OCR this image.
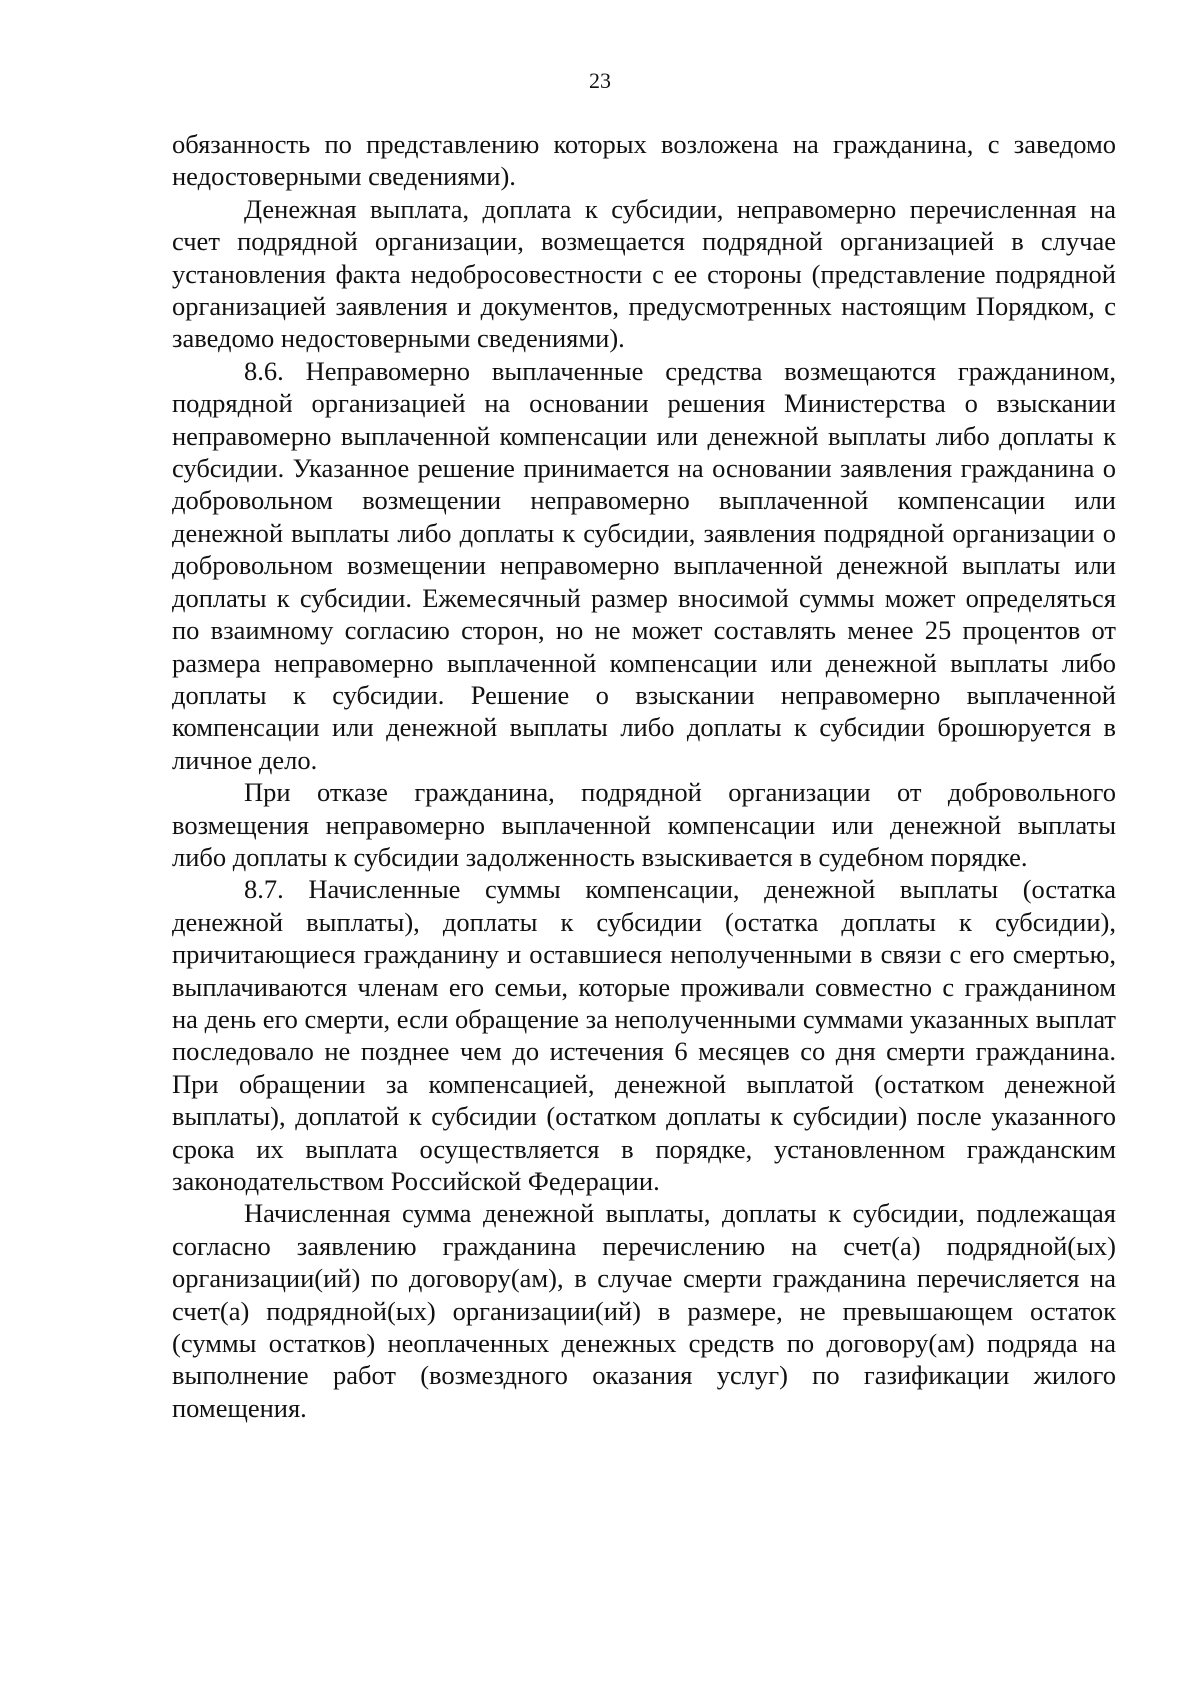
23

обязанность по представлению которых возложена на гражданина, с заведомо недостоверными сведениями).

Денежная выплата, доплата к субсидии, неправомерно перечисленная на счет подрядной организации, возмещается подрядной организацией в случае установления факта недобросовестности с ее стороны (представление подрядной организацией заявления и документов, предусмотренных настоящим Порядком, с заведомо недостоверными сведениями).

8.6. Неправомерно выплаченные средства возмещаются гражданином, подрядной организацией на основании решения Министерства о взыскании неправомерно выплаченной компенсации или денежной выплаты либо доплаты к субсидии. Указанное решение принимается на основании заявления гражданина о добровольном возмещении неправомерно выплаченной компенсации или денежной выплаты либо доплаты к субсидии, заявления подрядной организации о добровольном возмещении неправомерно выплаченной денежной выплаты или доплаты к субсидии. Ежемесячный размер вносимой суммы может определяться по взаимному согласию сторон, но не может составлять менее 25 процентов от размера неправомерно выплаченной компенсации или денежной выплаты либо доплаты к субсидии. Решение о взыскании неправомерно выплаченной компенсации или денежной выплаты либо доплаты к субсидии брошюруется в личное дело.

При отказе гражданина, подрядной организации от добровольного возмещения неправомерно выплаченной компенсации или денежной выплаты либо доплаты к субсидии задолженность взыскивается в судебном порядке.

8.7. Начисленные суммы компенсации, денежной выплаты (остатка денежной выплаты), доплаты к субсидии (остатка доплаты к субсидии), причитающиеся гражданину и оставшиеся неполученными в связи с его смертью, выплачиваются членам его семьи, которые проживали совместно с гражданином на день его смерти, если обращение за неполученными суммами указанных выплат последовало не позднее чем до истечения 6 месяцев со дня смерти гражданина. При обращении за компенсацией, денежной выплатой (остатком денежной выплаты), доплатой к субсидии (остатком доплаты к субсидии) после указанного срока их выплата осуществляется в порядке, установленном гражданским законодательством Российской Федерации.

Начисленная сумма денежной выплаты, доплаты к субсидии, подлежащая согласно заявлению гражданина перечислению на счет(а) подрядной(ых) организации(ий) по договору(ам), в случае смерти гражданина перечисляется на счет(а) подрядной(ых) организации(ий) в размере, не превышающем остаток (суммы остатков) неоплаченных денежных средств по договору(ам) подряда на выполнение работ (возмездного оказания услуг) по газификации жилого помещения.
